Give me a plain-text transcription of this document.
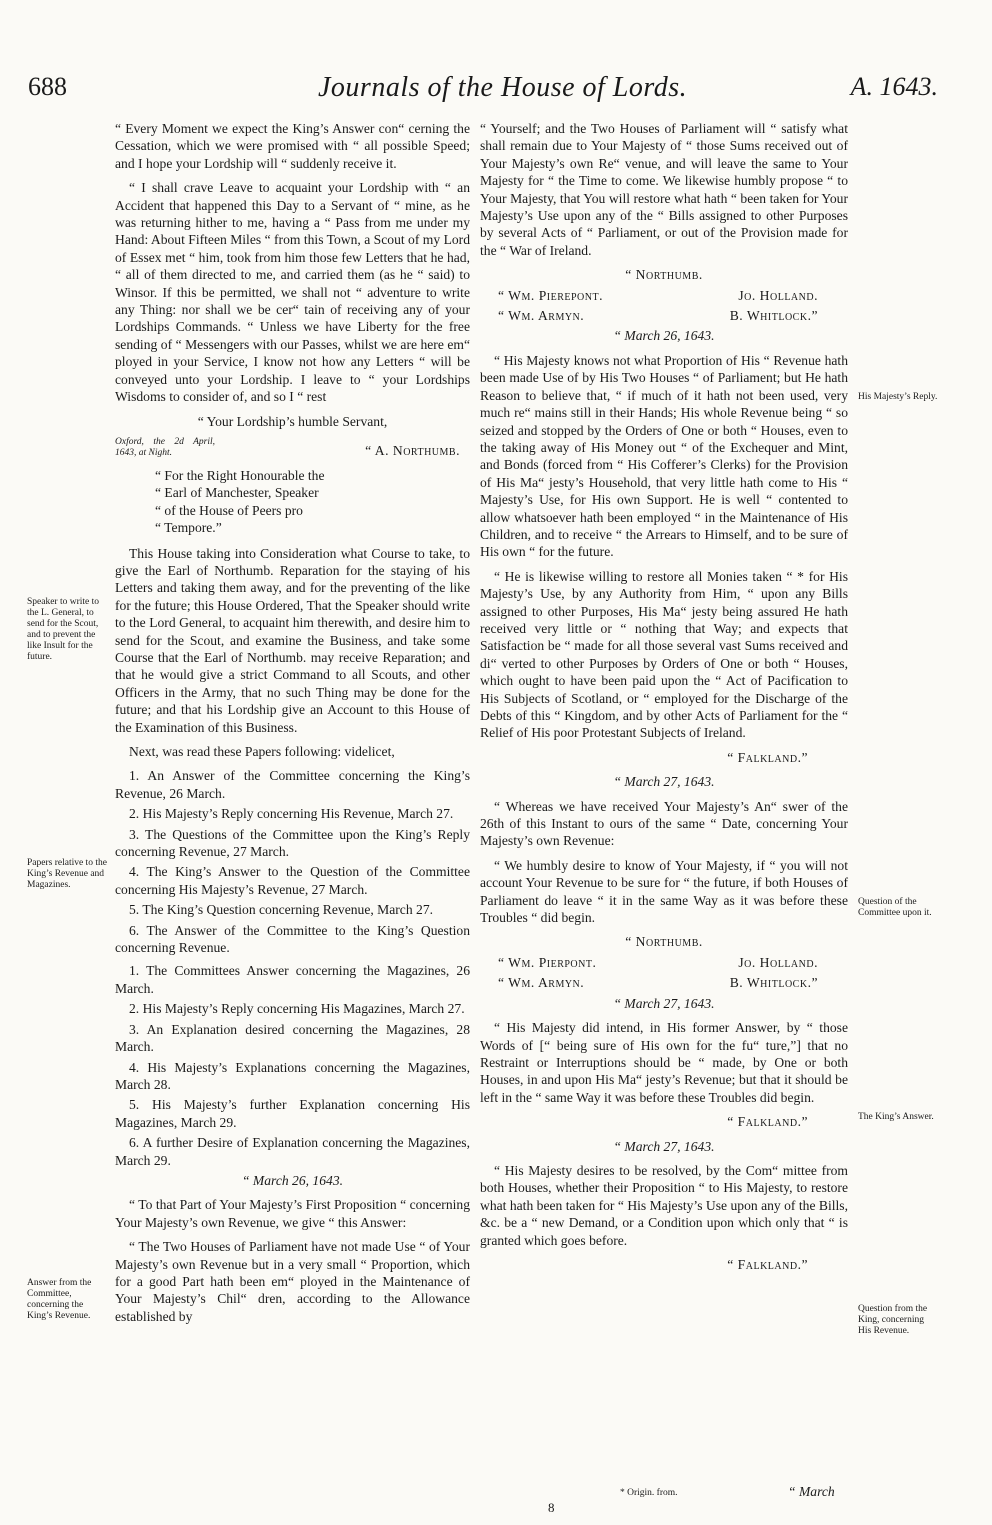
688	Journals of the House of Lords.	A. 1643.

“ Every Moment we expect the King’s Answer con“ cerning the Cessation, which we were promised with “ all possible Speed; and I hope your Lordship will “ suddenly receive it.

“ I shall crave Leave to acquaint your Lordship with “ an Accident that happened this Day to a Servant of “ mine, as he was returning hither to me, having a “ Pass from me under my Hand: About Fifteen Miles “ from this Town, a Scout of my Lord of Essex met “ him, took from him those few Letters that he had, “ all of them directed to me, and carried them (as he “ said) to Winsor. If this be permitted, we shall not “ adventure to write any Thing: nor shall we be cer“ tain of receiving any of your Lordships Commands. “ Unless we have Liberty for the free sending of “ Messengers with our Passes, whilst we are here em“ ployed in your Service, I know not how any Letters “ will be conveyed unto your Lordship. I leave to “ your Lordships Wisdoms to consider of, and so I “ rest

“ Your Lordship’s humble Servant,

Oxford, the 2d April, 1643, at Night.	“ A. Northumb.
“ For the Right Honourable the
“ Earl of Manchester, Speaker
“ of the House of Peers pro
“ Tempore.”

This House taking into Consideration what Course to take, to give the Earl of Northumb. Reparation for the staying of his Letters and taking them away, and for the preventing of the like for the future; this House Ordered, That the Speaker should write to the Lord General, to acquaint him therewith, and desire him to send for the Scout, and examine the Business, and take some Course that the Earl of Northumb. may receive Reparation; and that he would give a strict Command to all Scouts, and other Officers in the Army, that no such Thing may be done for the future; and that his Lordship give an Account to this House of the Examination of this Business.

Next, was read these Papers following: videlicet,

1. An Answer of the Committee concerning the King’s Revenue, 26 March.

2. His Majesty’s Reply concerning His Revenue, March 27.

3. The Questions of the Committee upon the King’s Reply concerning Revenue, 27 March.

4. The King’s Answer to the Question of the Committee concerning His Majesty’s Revenue, 27 March.

5. The King’s Question concerning Revenue, March 27.

6. The Answer of the Committee to the King’s Question concerning Revenue.

1. The Committees Answer concerning the Magazines, 26 March.

2. His Majesty’s Reply concerning His Magazines, March 27.

3. An Explanation desired concerning the Magazines, 28 March.

4. His Majesty’s Explanations concerning the Magazines, March 28.

5. His Majesty’s further Explanation concerning His Magazines, March 29.

6. A further Desire of Explanation concerning the Magazines, March 29.

“ March 26, 1643.

“ To that Part of Your Majesty’s First Proposition “ concerning Your Majesty’s own Revenue, we give “ this Answer:

“ The Two Houses of Parliament have not made Use “ of Your Majesty’s own Revenue but in a very small “ Proportion, which for a good Part hath been em“ ployed in the Maintenance of Your Majesty’s Chil“ dren, according to the Allowance established by

“ Yourself; and the Two Houses of Parliament will “ satisfy what shall remain due to Your Majesty of “ those Sums received out of Your Majesty’s own Re“ venue, and will leave the same to Your Majesty for “ the Time to come. We likewise humbly propose “ to Your Majesty, that You will restore what hath “ been taken for Your Majesty’s Use upon any of the “ Bills assigned to other Purposes by several Acts of “ Parliament, or out of the Provision made for the “ War of Ireland.

“ Northumb.

“ Wm. Pierepont.	Jo. Holland.
“ Wm. Armyn.	B. Whitlock.”

“ March 26, 1643.

“ His Majesty knows not what Proportion of His “ Revenue hath been made Use of by His Two Houses “ of Parliament; but He hath Reason to believe that, “ if much of it hath not been used, very much re“ mains still in their Hands; His whole Revenue being “ so seized and stopped by the Orders of One or both “ Houses, even to the taking away of His Money out “ of the Exchequer and Mint, and Bonds (forced from “ His Cofferer’s Clerks) for the Provision of His Ma“ jesty’s Household, that very little hath come to His “ Majesty’s Use, for His own Support. He is well “ contented to allow whatsoever hath been employed “ in the Maintenance of His Children, and to receive “ the Arrears to Himself, and to be sure of His own “ for the future.

“ He is likewise willing to restore all Monies taken “ * for His Majesty’s Use, by any Authority from Him, “ upon any Bills assigned to other Purposes, His Ma“ jesty being assured He hath received very little or “ nothing that Way; and expects that Satisfaction be “ made for all those several vast Sums received and di“ verted to other Purposes by Orders of One or both “ Houses, which ought to have been paid upon the “ Act of Pacification to His Subjects of Scotland, or “ employed for the Discharge of the Debts of this “ Kingdom, and by other Acts of Parliament for the “ Relief of His poor Protestant Subjects of Ireland.

“ Falkland.”

“ March 27, 1643.

“ Whereas we have received Your Majesty’s An“ swer of the 26th of this Instant to ours of the same “ Date, concerning Your Majesty’s own Revenue:

“ We humbly desire to know of Your Majesty, if “ you will not account Your Revenue to be sure for “ the future, if both Houses of Parliament do leave “ it in the same Way as it was before these Troubles “ did begin.

“ Northumb.

“ Wm. Pierpont.	Jo. Holland.
“ Wm. Armyn.	B. Whitlock.”

“ March 27, 1643.

“ His Majesty did intend, in His former Answer, by “ those Words of [“ being sure of His own for the fu“ ture,”] that no Restraint or Interruptions should be “ made, by One or both Houses, in and upon His Ma“ jesty’s Revenue; but that it should be left in the “ same Way it was before these Troubles did begin.

“ Falkland.”

“ March 27, 1643.

“ His Majesty desires to be resolved, by the Com“ mittee from both Houses, whether their Proposition “ to His Majesty, to restore what hath been taken for “ His Majesty’s Use upon any of the Bills, &c. be a “ new Demand, or a Condition upon which only that “ is granted which goes before.

“ Falkland.”

Speaker to write to the L. General, to send for the Scout, and to prevent the like Insult for the future.
Papers relative to the King’s Revenue and Magazines.
Answer from the Committee, concerning the King’s Revenue.
His Majesty’s Reply.
Question of the Committee upon it.
The King’s Answer.
Question from the King, concerning His Revenue.
* Origin. from.	“ March
8
